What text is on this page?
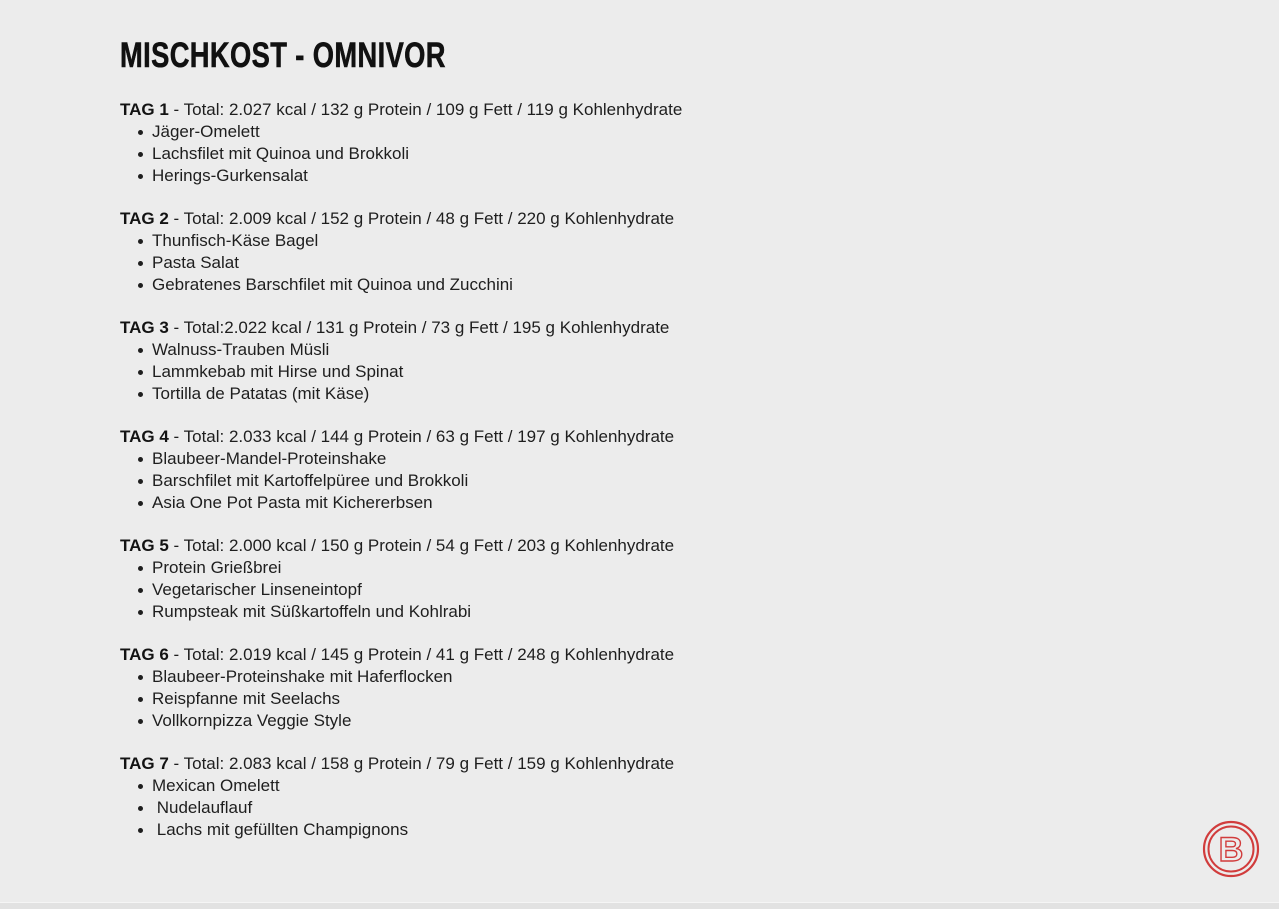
MISCHKOST - OMNIVOR

TAG 1 - Total: 2.027 kcal / 132 g Protein / 109 g Fett / 119 g Kohlenhydrate

Jäger-Omelett
Lachsfilet mit Quinoa und Brokkoli
Herings-Gurkensalat

TAG 2 - Total: 2.009 kcal / 152 g Protein / 48 g Fett / 220 g Kohlenhydrate

Thunfisch-Käse Bagel
Pasta Salat
Gebratenes Barschfilet mit Quinoa und Zucchini

TAG 3 - Total:2.022 kcal / 131 g Protein / 73 g Fett / 195 g Kohlenhydrate

Walnuss-Trauben Müsli
Lammkebab mit Hirse und Spinat
Tortilla de Patatas (mit Käse)

TAG 4 - Total: 2.033 kcal / 144 g Protein / 63 g Fett / 197 g Kohlenhydrate

Blaubeer-Mandel-Proteinshake
Barschfilet mit Kartoffelpüree und Brokkoli
Asia One Pot Pasta mit Kichererbsen

TAG 5 - Total: 2.000 kcal / 150 g Protein / 54 g Fett / 203 g Kohlenhydrate

Protein Grießbrei
Vegetarischer Linseneintopf
Rumpsteak mit Süßkartoffeln und Kohlrabi

TAG 6 - Total: 2.019 kcal / 145 g Protein / 41 g Fett / 248 g Kohlenhydrate

Blaubeer-Proteinshake mit Haferflocken
Reispfanne mit Seelachs
Vollkornpizza Veggie Style

TAG 7 - Total: 2.083 kcal / 158 g Protein / 79 g Fett / 159 g Kohlenhydrate

Mexican Omelett
Nudelauflauf
Lachs mit gefüllten Champignons
B
